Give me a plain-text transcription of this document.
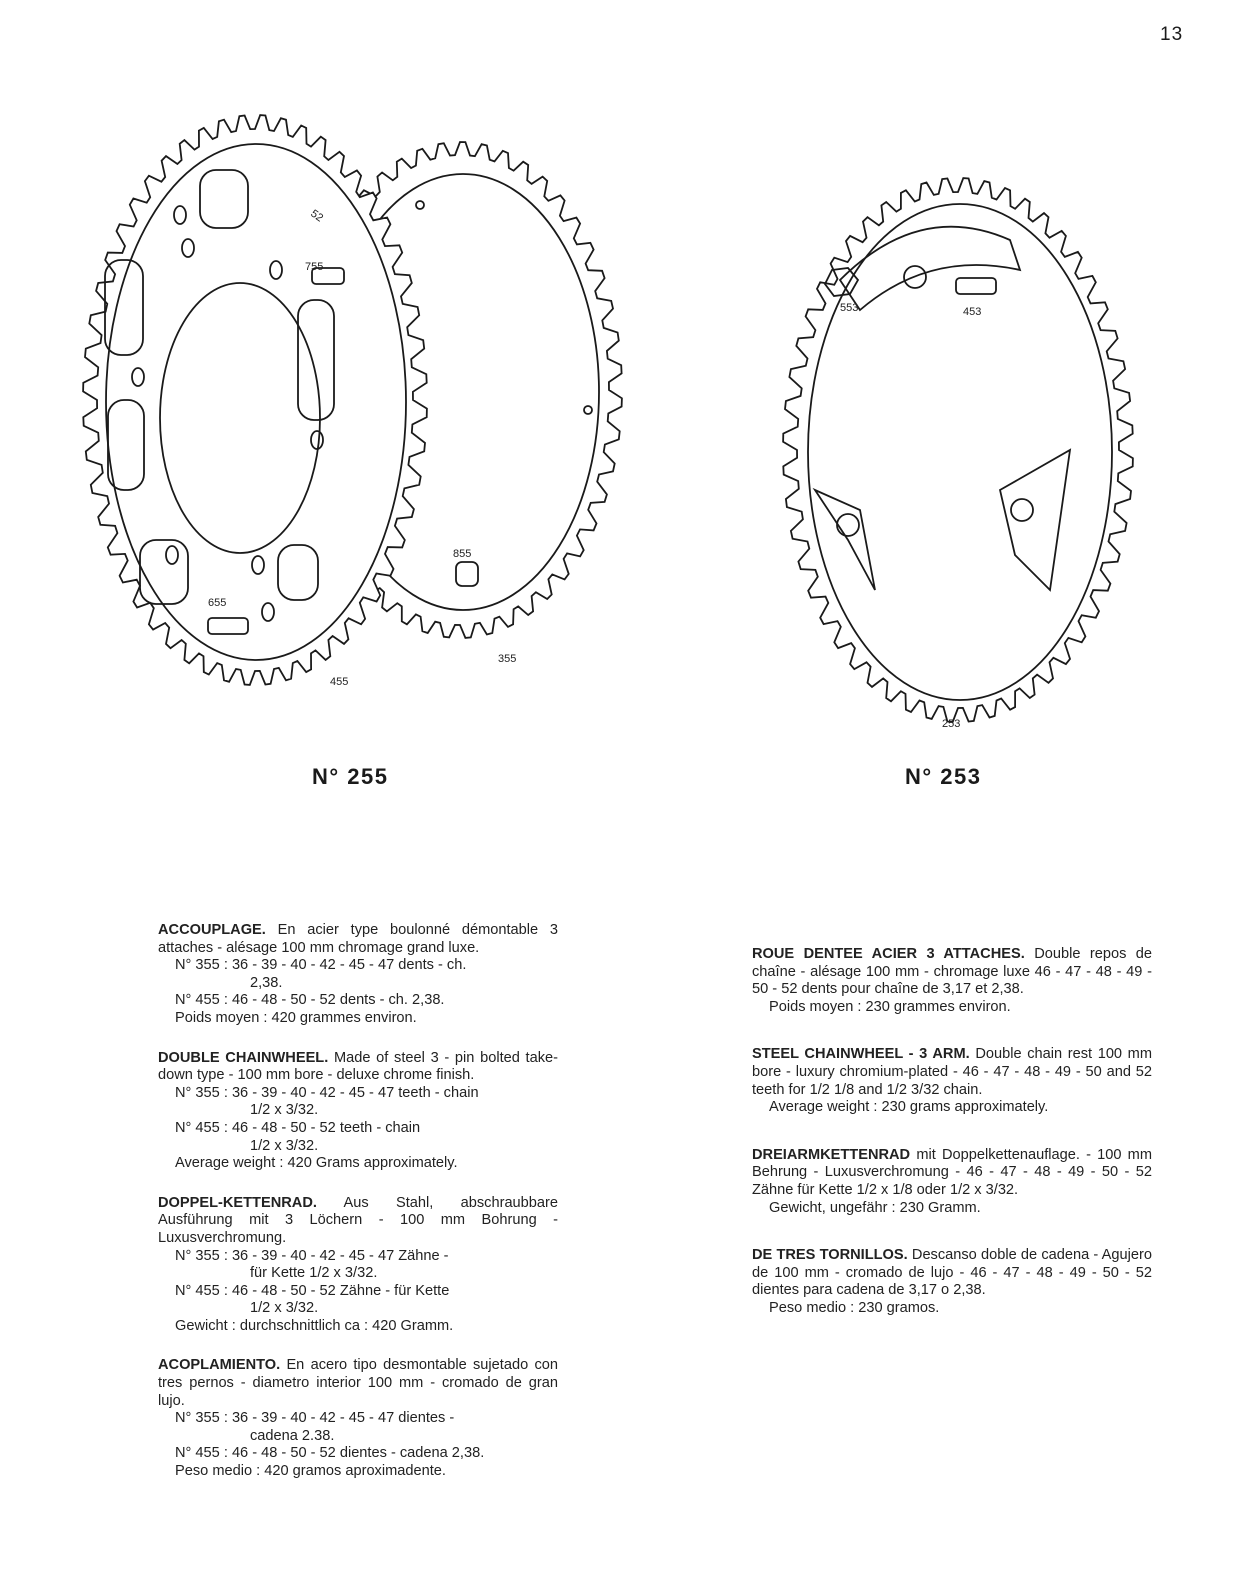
13
755
655
455
355
855
52
N° 255
253
553	453
N° 253

ACCOUPLAGE. En acier type boulonné démontable 3 attaches - alésage 100 mm chromage grand luxe.

N° 355 : 36 - 39 - 40 - 42 - 45 - 47 dents - ch.

2,38.

N° 455 : 46 - 48 - 50 - 52 dents - ch. 2,38.

Poids moyen : 420 grammes environ.

DOUBLE CHAINWHEEL. Made of steel 3 - pin bolted take-down type - 100 mm bore - deluxe chrome finish.

N° 355 : 36 - 39 - 40 - 42 - 45 - 47 teeth - chain

1/2 x 3/32.

N° 455 : 46 - 48 - 50 - 52 teeth - chain

1/2 x 3/32.

Average weight : 420 Grams approximately.

DOPPEL-KETTENRAD. Aus Stahl, abschraubbare Ausführung mit 3 Löchern - 100 mm Bohrung - Luxusverchromung.

N° 355 : 36 - 39 - 40 - 42 - 45 - 47 Zähne -

für Kette 1/2 x 3/32.

N° 455 : 46 - 48 - 50 - 52 Zähne - für Kette

1/2 x 3/32.

Gewicht : durchschnittlich ca : 420 Gramm.

ACOPLAMIENTO. En acero tipo desmontable sujetado con tres pernos - diametro interior 100 mm - cromado de gran lujo.

N° 355 : 36 - 39 - 40 - 42 - 45 - 47 dientes -

cadena 2.38.

N° 455 : 46 - 48 - 50 - 52 dientes - cadena 2,38.

Peso medio : 420 gramos aproximadente.

ROUE DENTEE ACIER 3 ATTACHES. Double repos de chaîne - alésage 100 mm - chromage luxe 46 - 47 - 48 - 49 - 50 - 52 dents pour chaîne de 3,17 et 2,38.

Poids moyen : 230 grammes environ.

STEEL CHAINWHEEL - 3 ARM. Double chain rest 100 mm bore - luxury chromium-plated - 46 - 47 - 48 - 49 - 50 and 52 teeth for 1/2 1/8 and 1/2 3/32 chain.

Average weight : 230 grams approximately.

DREIARMKETTENRAD mit Doppelkettenauflage. - 100 mm Behrung - Luxusverchromung - 46 - 47 - 48 - 49 - 50 - 52 Zähne für Kette 1/2 x 1/8 oder 1/2 x 3/32.

Gewicht, ungefähr : 230 Gramm.

DE TRES TORNILLOS. Descanso doble de cadena - Agujero de 100 mm - cromado de lujo - 46 - 47 - 48 - 49 - 50 - 52 dientes para cadena de 3,17 o 2,38.

Peso medio : 230 gramos.
